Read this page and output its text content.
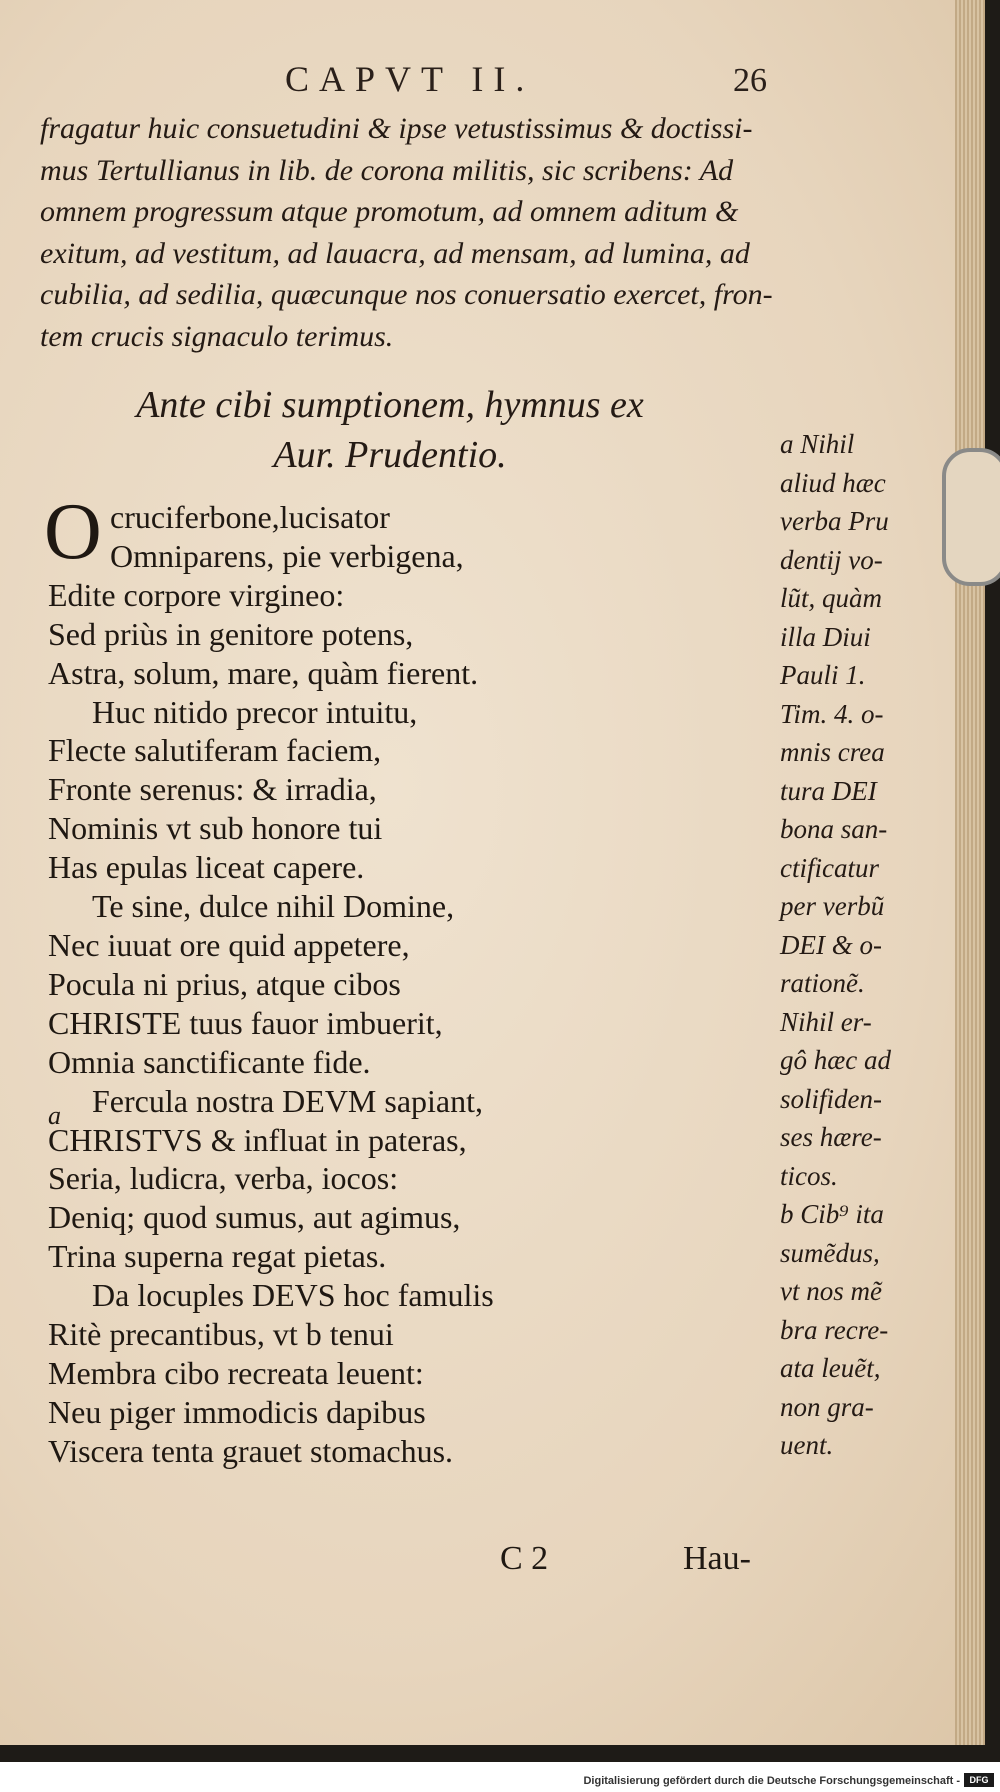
CAPVT II.	26
fragatur huic consuetudini & ipse vetustissimus & doctissi-
mus Tertullianus in lib. de corona militis, sic scribens: Ad
omnem progressum atque promotum, ad omnem aditum &
exitum, ad vestitum, ad lauacra, ad mensam, ad lumina, ad
cubilia, ad sedilia, quæcunque nos conuersatio exercet, fron-
tem crucis signaculo terimus.
Ante cibi sumptionem, hymnus ex
Aur. Prudentio.
O cruciferbone,lucisator
Omniparens, pie verbigena,
Edite corpore virgineo:
Sed priùs in genitore potens,
Astra, solum, mare, quàm fierent.
Huc nitido precor intuitu,
Flecte salutiferam faciem,
Fronte serenus: & irradia,
Nominis vt sub honore tui
Has epulas liceat capere.
Te sine, dulce nihil Domine,
Nec iuuat ore quid appetere,
Pocula ni prius, atque cibos
CHRISTE tuus fauor imbuerit,
Omnia sanctificante fide.
Fercula nostra DEVM sapiant,
CHRISTVS & influat in pateras,
Seria, ludicra, verba, iocos:
Deniq; quod sumus, aut agimus,
Trina superna regat pietas.
Da locuples DEVS hoc famulis
Ritè precantibus, vt b tenui
Membra cibo recreata leuent:
Neu piger immodicis dapibus
Viscera tenta grauet stomachus.
a
a Nihil
aliud hæc
verba Pru
dentij vo-
lũt, quàm
illa Diui
Pauli 1.
Tim. 4. o-
mnis crea
tura DEI
bona san-
ctificatur
per verbũ
DEI & o-
rationẽ.
Nihil er-
gô hæc ad
solifiden-
ses hære-
ticos.
b Cib⁹ ita
sumẽdus,
vt nos mẽ
bra recre-
ata leuẽt,
non gra-
uent.
C 2	Hau-
Digitalisierung gefördert durch die Deutsche Forschungsgemeinschaft -	DFG
